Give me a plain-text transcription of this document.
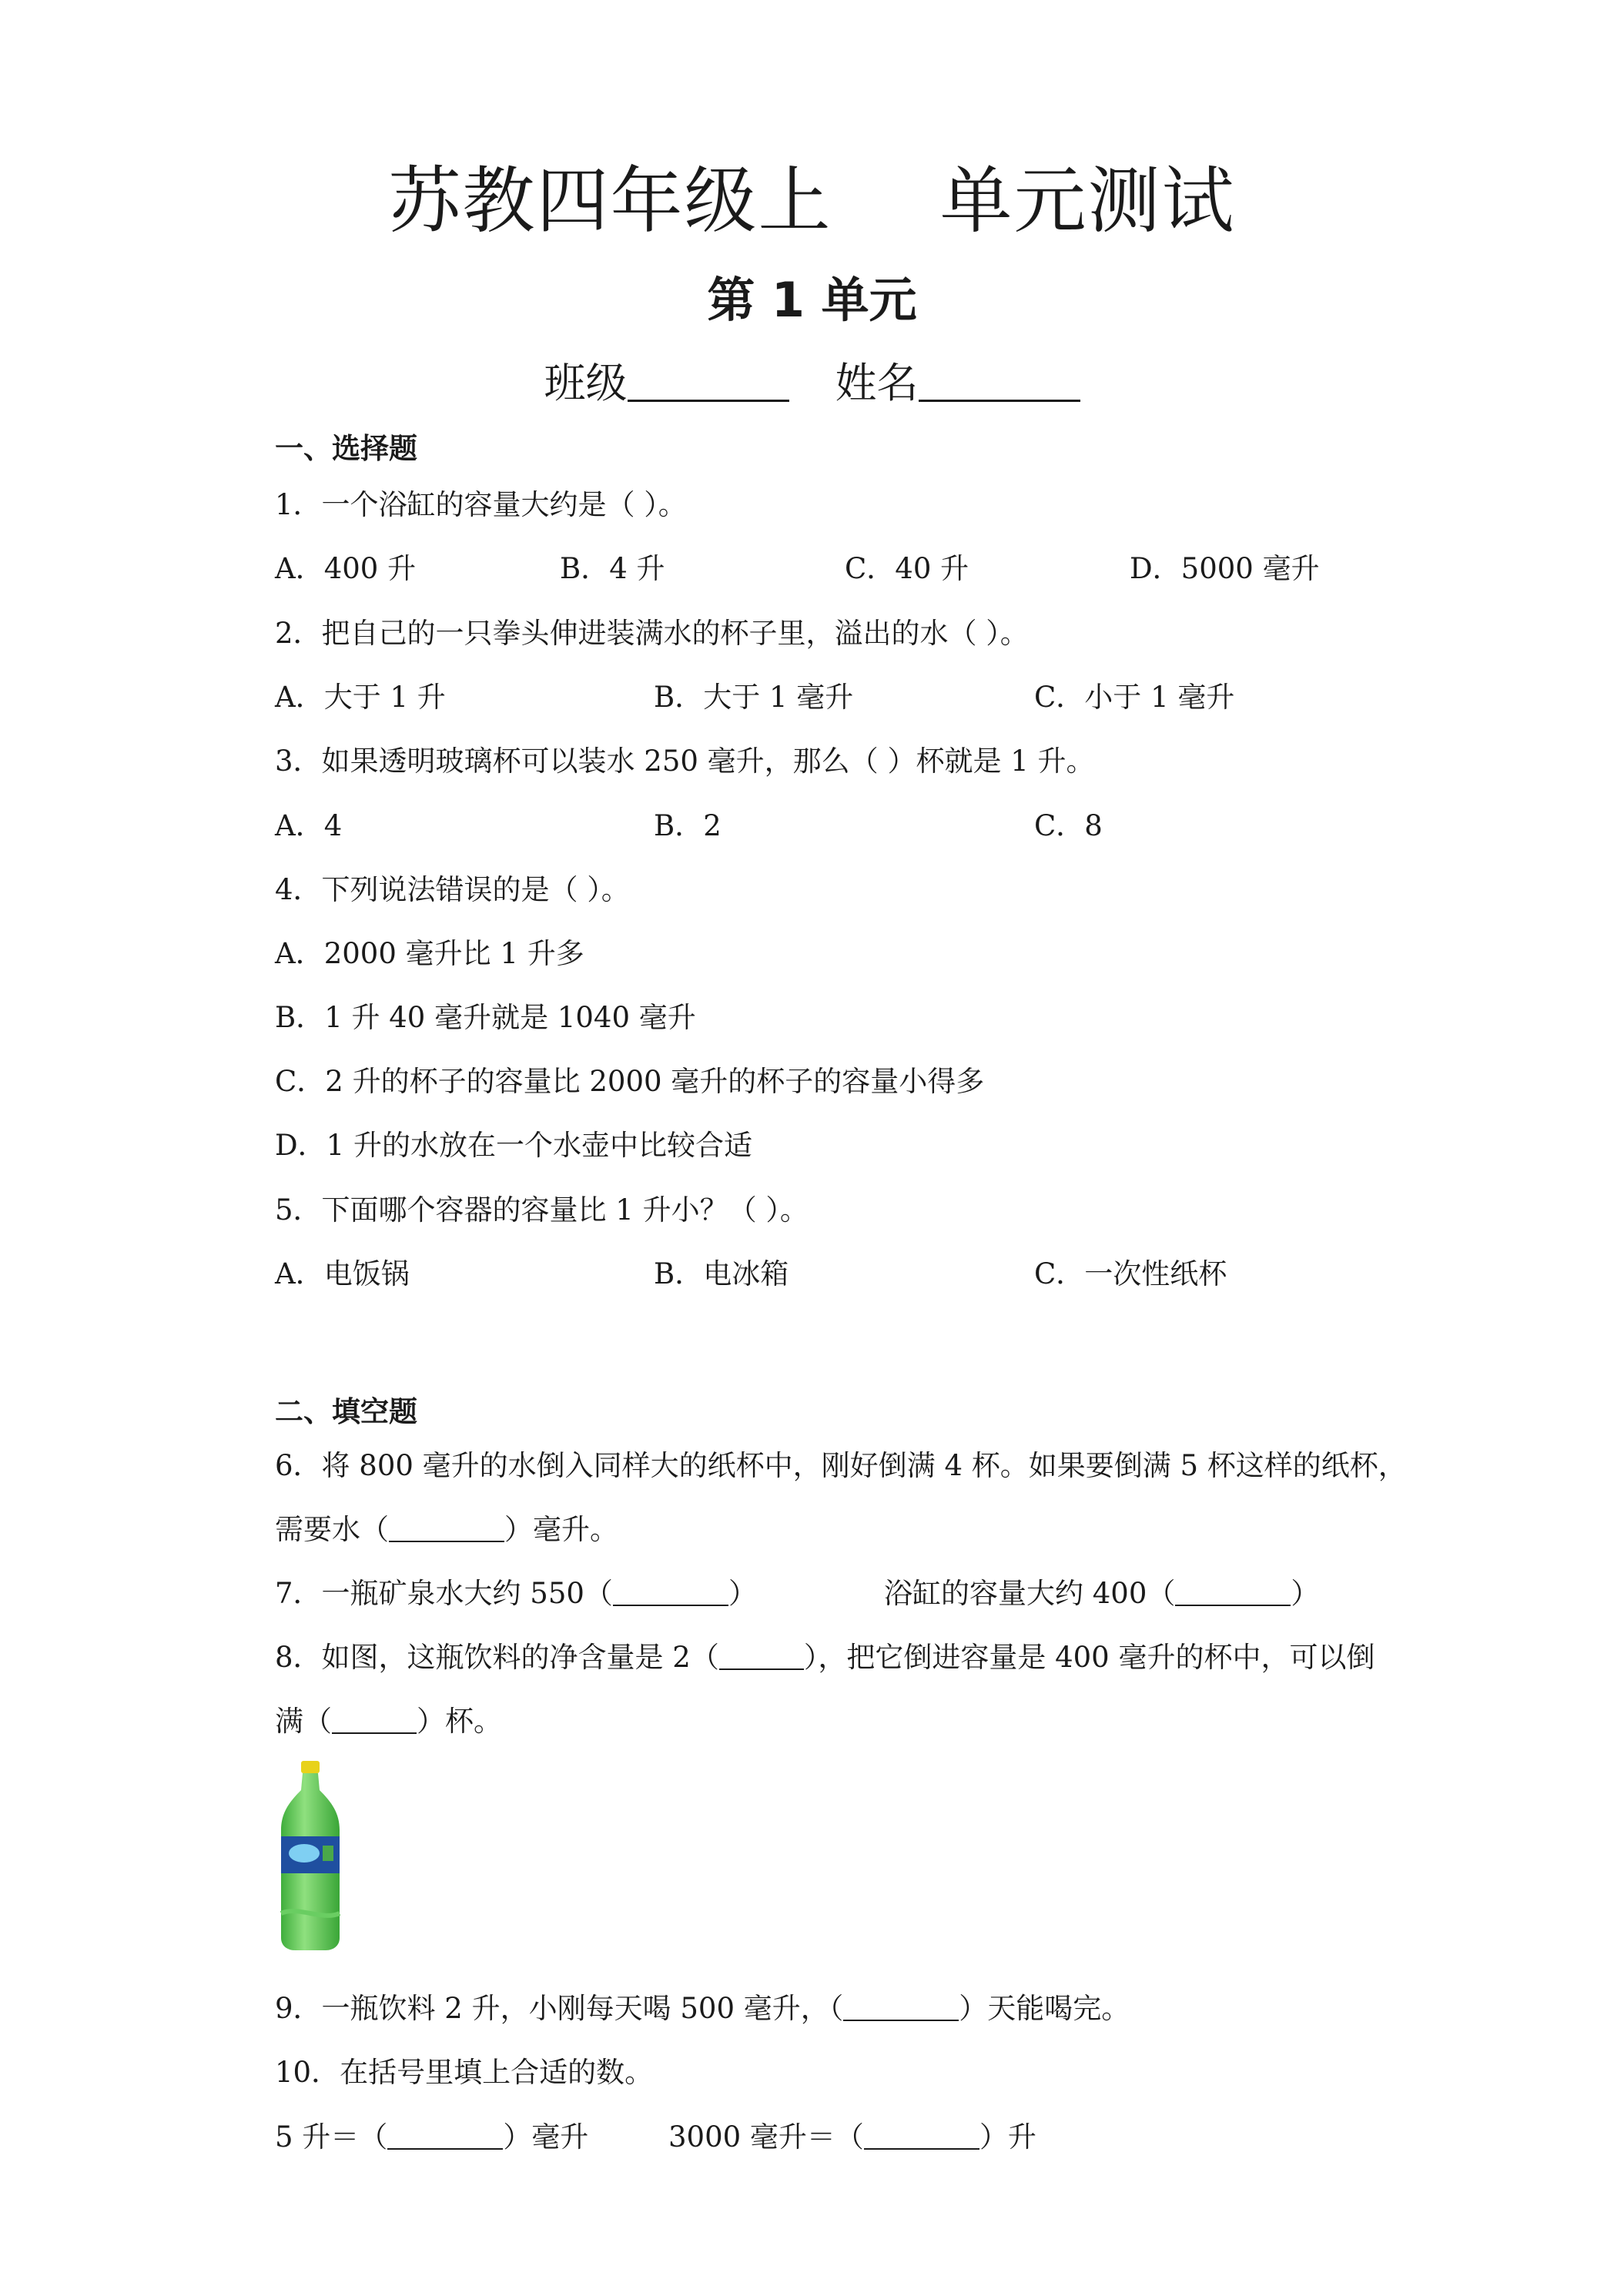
苏教四年级上 单元测试
第 1 单元
班级	姓名
一、选择题
1．一个浴缸的容量大约是（ ）。
A．400 升	B．4 升	C．40 升	D．5000 毫升
2．把自己的一只拳头伸进装满水的杯子里，溢出的水（ ）。
A．大于 1 升	B．大于 1 毫升	C．小于 1 毫升
3．如果透明玻璃杯可以装水 250 毫升，那么（ ）杯就是 1 升。
A．4	B．2	C．8
4．下列说法错误的是（ ）。
A．2000 毫升比 1 升多
B．1 升 40 毫升就是 1040 毫升
C．2 升的杯子的容量比 2000 毫升的杯子的容量小得多
D．1 升的水放在一个水壶中比较合适
5．下面哪个容器的容量比 1 升小？（ ）。
A．电饭锅	B．电冰箱	C．一次性纸杯
二、填空题
6．将 800 毫升的水倒入同样大的纸杯中，刚好倒满 4 杯。如果要倒满 5 杯这样的纸杯，
需要水（	）毫升。
7．一瓶矿泉水大约 550（	）	浴缸的容量大约 400（	）
8．如图，这瓶饮料的净含量是 2（	），把它倒进容量是 400 毫升的杯中，可以倒
满（	）杯。
9．一瓶饮料 2 升，小刚每天喝 500 毫升，（	）天能喝完。
10．在括号里填上合适的数。
5 升＝（	）毫升	3000 毫升＝（	）升
